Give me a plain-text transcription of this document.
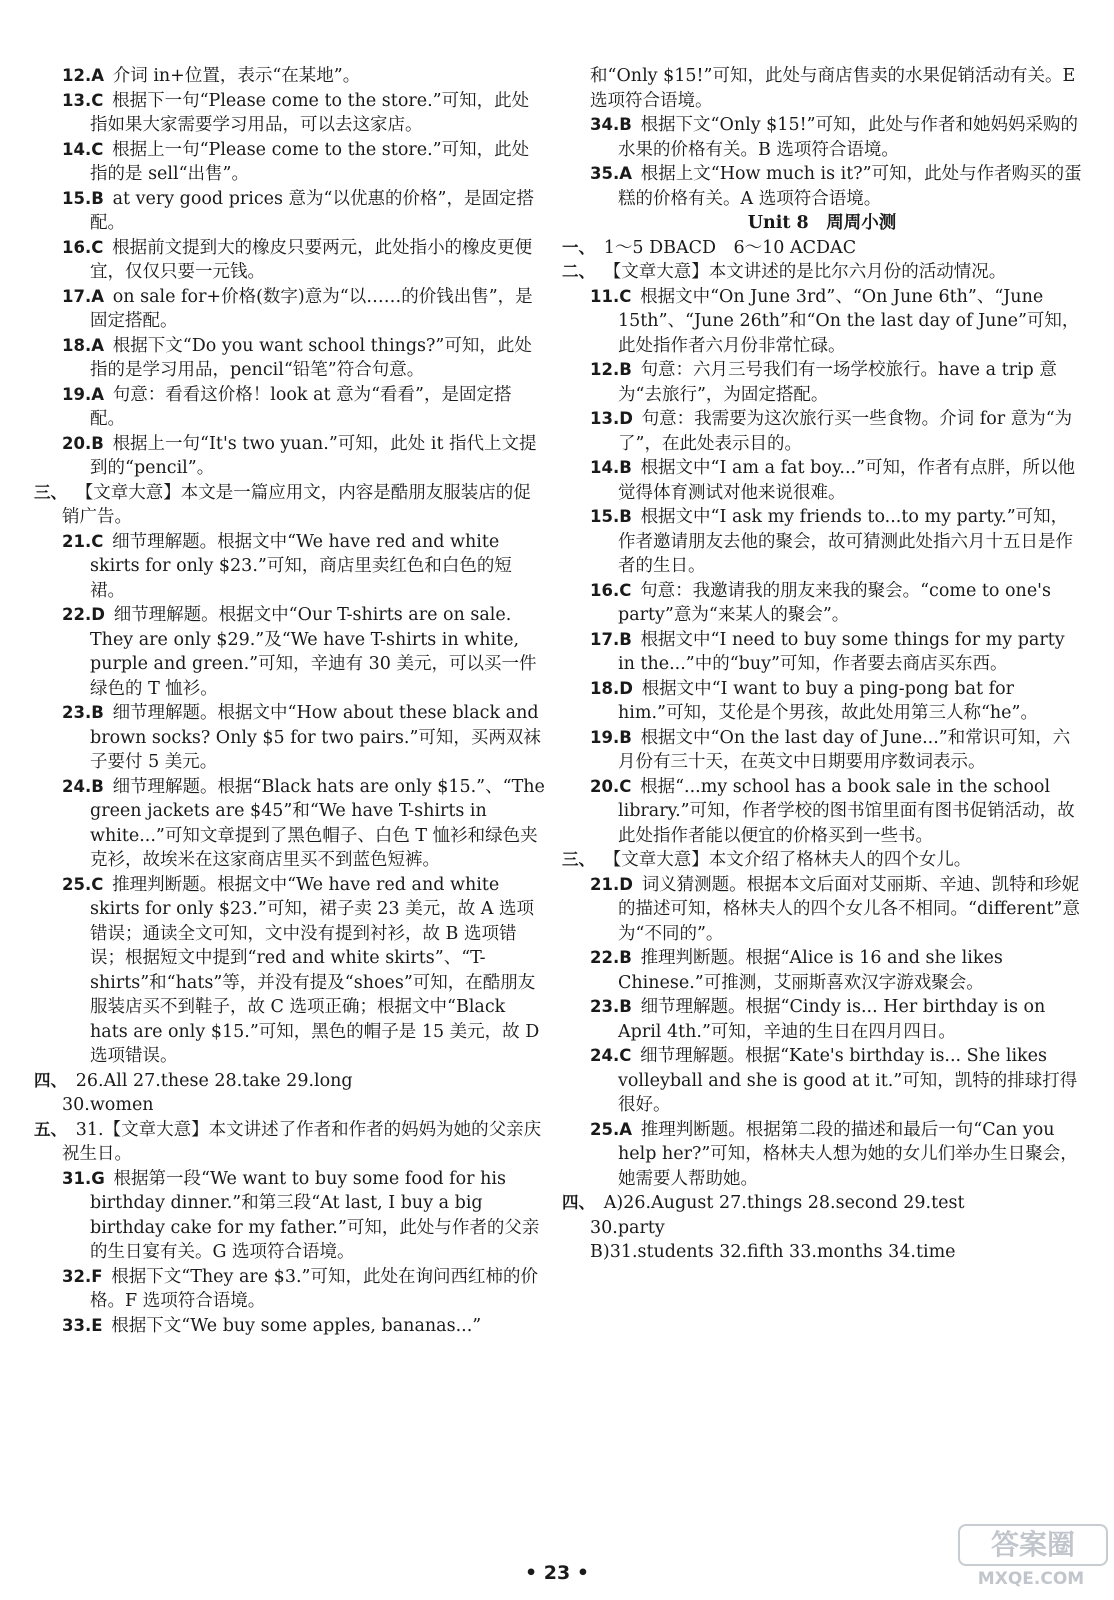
12.A  介词 in+位置，表示“在某地”。

13.C  根据下一句“Please come to the store.”可知，此处指如果大家需要学习用品，可以去这家店。

14.C  根据上一句“Please come to the store.”可知，此处指的是 sell“出售”。

15.B  at very good prices 意为“以优惠的价格”，是固定搭配。

16.C  根据前文提到大的橡皮只要两元，此处指小的橡皮更便宜，仅仅只要一元钱。

17.A  on sale for+价格(数字)意为“以……的价钱出售”，是固定搭配。

18.A  根据下文“Do you want school things?”可知，此处指的是学习用品，pencil“铅笔”符合句意。

19.A  句意：看看这价格！look at 意为“看看”，是固定搭配。

20.B  根据上一句“It's two yuan.”可知，此处 it 指代上文提到的“pencil”。

三、  【文章大意】本文是一篇应用文，内容是酷朋友服装店的促销广告。

21.C  细节理解题。根据文中“We have red and white skirts for only $23.”可知，商店里卖红色和白色的短裙。

22.D  细节理解题。根据文中“Our T-shirts are on sale. They are only $29.”及“We have T-shirts in white, purple and green.”可知，辛迪有 30 美元，可以买一件绿色的 T 恤衫。

23.B  细节理解题。根据文中“How about these black and brown socks? Only $5 for two pairs.”可知，买两双袜子要付 5 美元。

24.B  细节理解题。根据“Black hats are only $15.”、“The green jackets are $45”和“We have T-shirts in white...”可知文章提到了黑色帽子、白色 T 恤衫和绿色夹克衫，故埃米在这家商店里买不到蓝色短裤。

25.C  推理判断题。根据文中“We have red and white skirts for only $23.”可知，裙子卖 23 美元，故 A 选项错误；通读全文可知，文中没有提到衬衫，故 B 选项错误；根据短文中提到“red and white skirts”、“T-shirts”和“hats”等，并没有提及“shoes”可知，在酷朋友服装店买不到鞋子，故 C 选项正确；根据文中“Black hats are only $15.”可知，黑色的帽子是 15 美元，故 D 选项错误。

四、  26.All 27.these 28.take 29.long

30.women

五、  31.【文章大意】本文讲述了作者和作者的妈妈为她的父亲庆祝生日。

31.G  根据第一段“We want to buy some food for his birthday dinner.”和第三段“At last, I buy a big birthday cake for my father.”可知，此处与作者的父亲的生日宴有关。G 选项符合语境。

32.F  根据下文“They are $3.”可知，此处在询问西红柿的价格。F 选项符合语境。

33.E  根据下文“We buy some apples, bananas...”

和“Only $15!”可知，此处与商店售卖的水果促销活动有关。E 选项符合语境。

34.B  根据下文“Only $15!”可知，此处与作者和她妈妈采购的水果的价格有关。B 选项符合语境。

35.A  根据上文“How much is it?”可知，此处与作者购买的蛋糕的价格有关。A 选项符合语境。

Unit 8　周周小测

一、  1～5 DBACD　6～10 ACDAC

二、  【文章大意】本文讲述的是比尔六月份的活动情况。

11.C  根据文中“On June 3rd”、“On June 6th”、“June 15th”、“June 26th”和“On the last day of June”可知，此处指作者六月份非常忙碌。

12.B  句意：六月三号我们有一场学校旅行。have a trip 意为“去旅行”，为固定搭配。

13.D  句意：我需要为这次旅行买一些食物。介词 for 意为“为了”，在此处表示目的。

14.B  根据文中“I am a fat boy...”可知，作者有点胖，所以他觉得体育测试对他来说很难。

15.B  根据文中“I ask my friends to...to my party.”可知，作者邀请朋友去他的聚会，故可猜测此处指六月十五日是作者的生日。

16.C  句意：我邀请我的朋友来我的聚会。“come to one's party”意为“来某人的聚会”。

17.B  根据文中“I need to buy some things for my party in the...”中的“buy”可知，作者要去商店买东西。

18.D  根据文中“I want to buy a ping-pong bat for him.”可知，艾伦是个男孩，故此处用第三人称“he”。

19.B  根据文中“On the last day of June...”和常识可知，六月份有三十天，在英文中日期要用序数词表示。

20.C  根据“...my school has a book sale in the school library.”可知，作者学校的图书馆里面有图书促销活动，故此处指作者能以便宜的价格买到一些书。

三、  【文章大意】本文介绍了格林夫人的四个女儿。

21.D  词义猜测题。根据本文后面对艾丽斯、辛迪、凯特和珍妮的描述可知，格林夫人的四个女儿各不相同。“different”意为“不同的”。

22.B  推理判断题。根据“Alice is 16 and she likes Chinese.”可推测，艾丽斯喜欢汉字游戏聚会。

23.B  细节理解题。根据“Cindy is... Her birthday is on April 4th.”可知，辛迪的生日在四月四日。

24.C  细节理解题。根据“Kate's birthday is... She likes volleyball and she is good at it.”可知，凯特的排球打得很好。

25.A  推理判断题。根据第二段的描述和最后一句“Can you help her?”可知，格林夫人想为她的女儿们举办生日聚会，她需要人帮助她。

四、  A)26.August 27.things 28.second 29.test

30.party

B)31.students 32.fifth 33.months 34.time

• 23 •
答案圈
MXQE.COM
